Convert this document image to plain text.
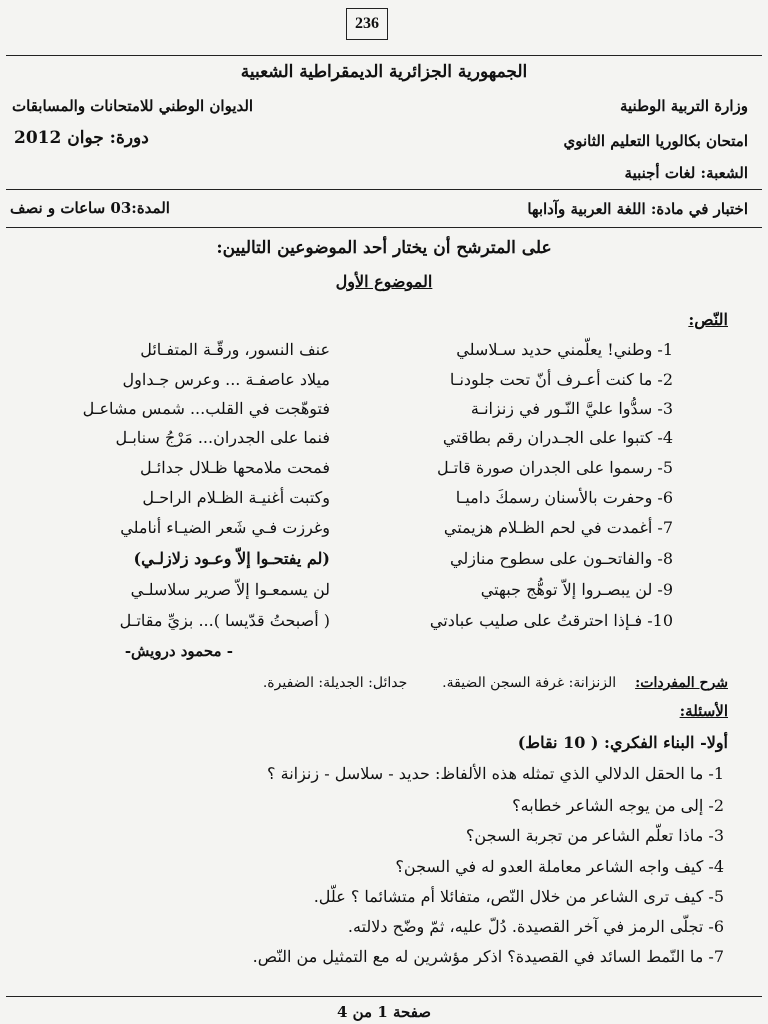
236
الجمهورية الجزائرية الديمقراطية الشعبية
وزارة التربية الوطنية
الديوان الوطني للامتحانات والمسابقات
امتحان بكالوريا التعليم الثانوي
دورة: جوان 2012
الشعبة: لغات أجنبية
اختبار في مادة: اللغة العربية وآدابها
المدة:03 ساعات و نصف
على المترشح أن يختار أحد الموضوعين التاليين:
الموضوع الأول
النّص:
1- وطني! يعلّمني حديد سـلاسلي
عنف النسور، ورقّـة المتفـائل
2- ما كنت أعـرف أنّ تحت جلودنـا
ميلاد عاصفـة ... وعرس جـداول
3- سدُّوا عليَّ النّـور في زنزانـة
فتوهّجت في القلب... شمس مشاعـل
4- كتبوا على الجـدران رقم بطاقتي
فنما على الجدران... مَرْجُ سنابـل
5- رسموا على الجدران صورة قاتـل
فمحت ملامحها ظـلال جدائـل
6- وحفرت بالأسنان رسمكَ داميـا
وكتبت أغنيـة الظـلام الراحـل
7- أغمدت في لحم الظـلام هزيمتي
وغرزت فـي شَعر الضيـاء أناملي
8- والفاتحـون على سطوح منازلي
(لم يفتحـوا إلاّ وعـود زلازلـي)
9- لن يبصـروا إلاّ توهُّج جبهتي
لن يسمعـوا إلاّ صرير سلاسلـي
10- فـإذا احترقتُ على صليب عبادتي
( أصبحتُ قدّيسا )... بزيِّ مقاتـل
- محمود درويش-
شرح المفردات:  الزنزانة: غرفة السجن الضيقة.  جدائل: الجديلة: الضفيرة.
الأسئلة:
أولا- البناء الفكري: ( 10 نقاط)
1- ما الحقل الدلالي الذي تمثله هذه الألفاظ: حديد - سلاسل - زنزانة ؟
2- إلى من يوجه الشاعر خطابه؟
3- ماذا تعلّم الشاعر من تجربة السجن؟
4- كيف واجه الشاعر معاملة العدو له في السجن؟
5- كيف ترى الشاعر من خلال النّص، متفائلا أم متشائما ؟ علّل.
6- تجلّى الرمز في آخر القصيدة. دُلّ عليه، ثمّ وضّح دلالته.
7- ما النّمط السائد في القصيدة؟ اذكر مؤشرين له مع التمثيل من النّص.
صفحة 1 من 4
